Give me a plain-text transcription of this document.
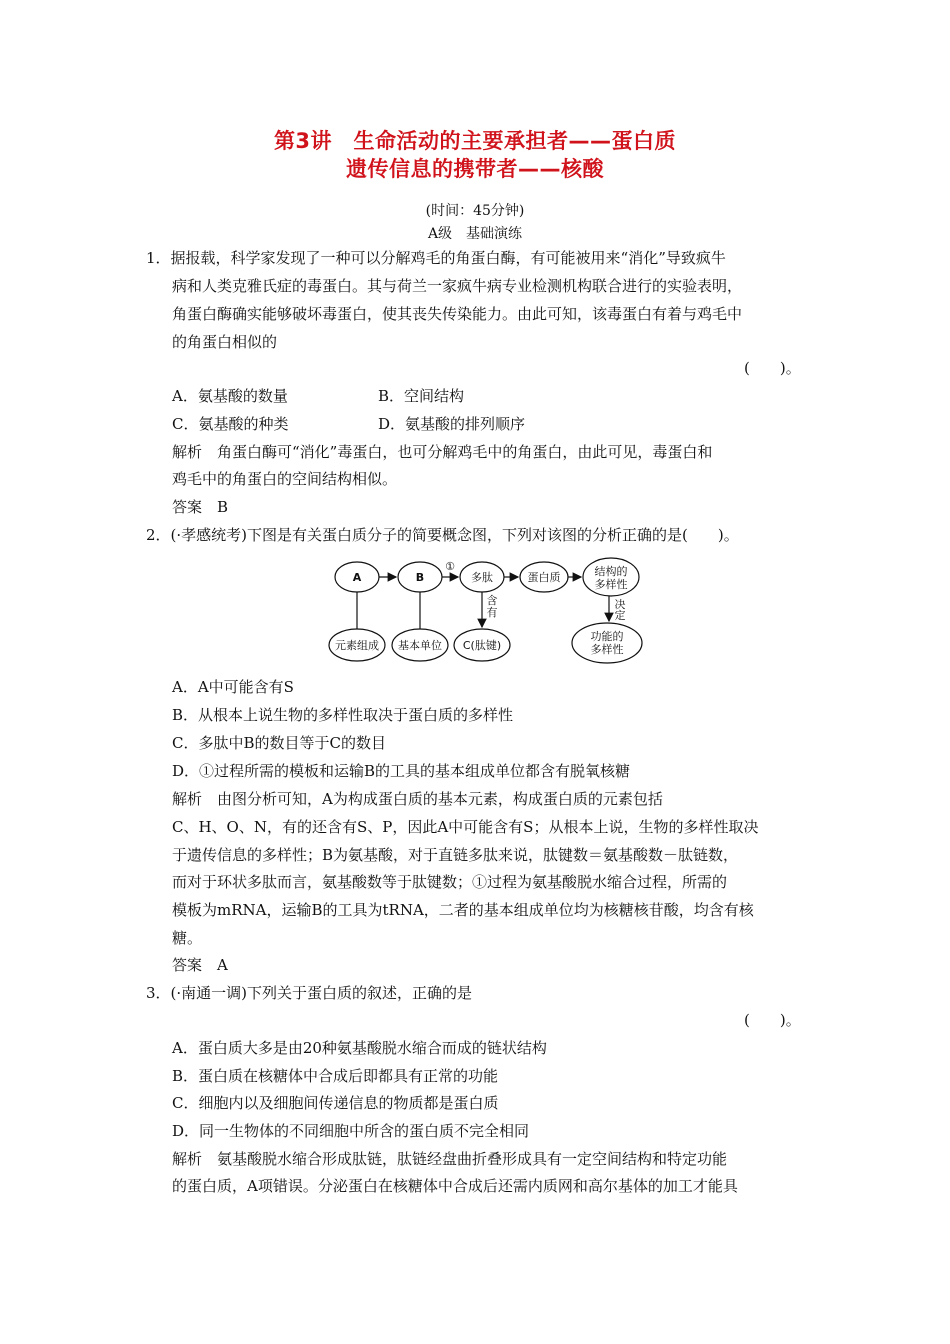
第3讲　生命活动的主要承担者——蛋白质
遗传信息的携带者——核酸
(时间：45分钟)
A级　基础演练
1．据报载，科学家发现了一种可以分解鸡毛的角蛋白酶，有可能被用来“消化”导致疯牛
病和人类克雅氏症的毒蛋白。其与荷兰一家疯牛病专业检测机构联合进行的实验表明，
角蛋白酶确实能够破坏毒蛋白，使其丧失传染能力。由此可知，该毒蛋白有着与鸡毛中
的角蛋白相似的
(　　)。
A．氨基酸的数量	B．空间结构
C．氨基酸的种类	D．氨基酸的排列顺序
解析　角蛋白酶可“消化”毒蛋白，也可分解鸡毛中的角蛋白，由此可见，毒蛋白和
鸡毛中的角蛋白的空间结构相似。
答案　B
2．(·孝感统考)下图是有关蛋白质分子的简要概念图，下列对该图的分析正确的是(　　)。
A	B	多肽	蛋白质	结构的
多样性
元素组成 基本单位 C(肽键)
功能的
多样性
①
含
有
决
定
A．A中可能含有S
B．从根本上说生物的多样性取决于蛋白质的多样性
C．多肽中B的数目等于C的数目
D．①过程所需的模板和运输B的工具的基本组成单位都含有脱氧核糖
解析　由图分析可知，A为构成蛋白质的基本元素，构成蛋白质的元素包括
C、H、O、N，有的还含有S、P，因此A中可能含有S；从根本上说，生物的多样性取决
于遗传信息的多样性；B为氨基酸，对于直链多肽来说，肽键数＝氨基酸数－肽链数，
而对于环状多肽而言，氨基酸数等于肽键数；①过程为氨基酸脱水缩合过程，所需的
模板为mRNA，运输B的工具为tRNA，二者的基本组成单位均为核糖核苷酸，均含有核
糖。
答案　A
3．(·南通一调)下列关于蛋白质的叙述，正确的是
(　　)。
A．蛋白质大多是由20种氨基酸脱水缩合而成的链状结构
B．蛋白质在核糖体中合成后即都具有正常的功能
C．细胞内以及细胞间传递信息的物质都是蛋白质
D．同一生物体的不同细胞中所含的蛋白质不完全相同
解析　氨基酸脱水缩合形成肽链，肽链经盘曲折叠形成具有一定空间结构和特定功能
的蛋白质，A项错误。分泌蛋白在核糖体中合成后还需内质网和高尔基体的加工才能具
